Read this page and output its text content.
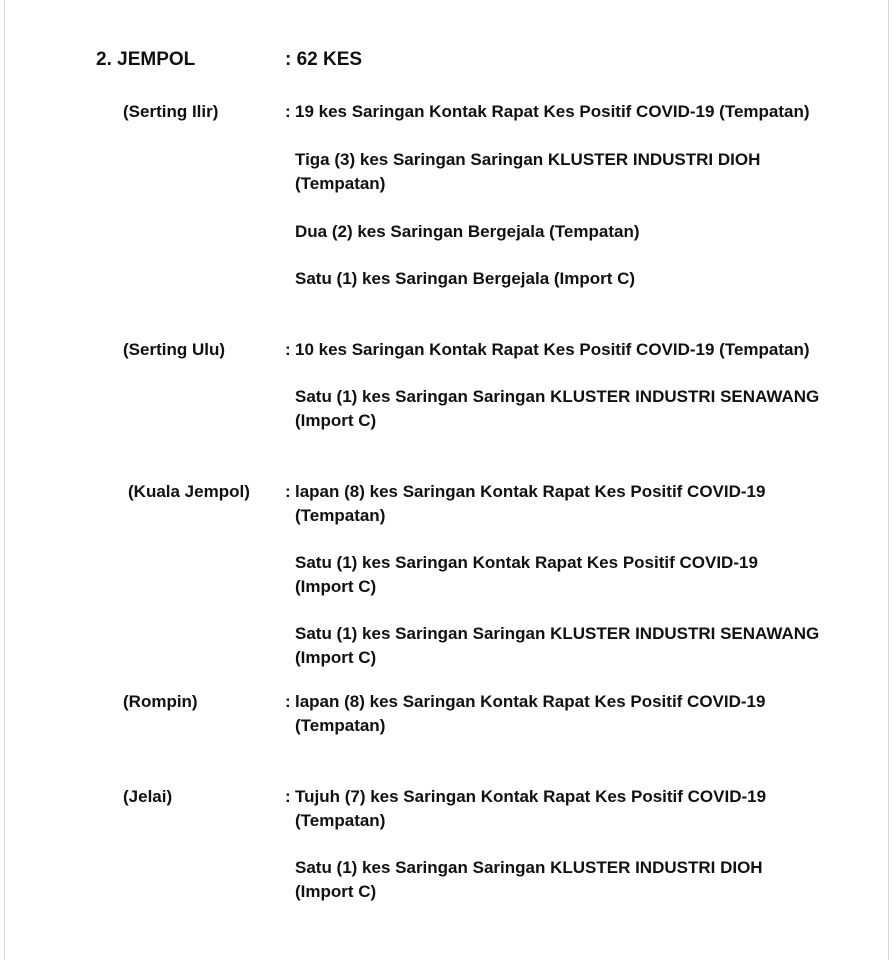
2. JEMPOL	: 62 KES
(Serting Ilir)	: 19 kes Saringan Kontak Rapat Kes Positif COVID-19 (Tempatan)
Tiga (3) kes Saringan Saringan KLUSTER INDUSTRI DIOH (Tempatan)
Dua (2) kes Saringan Bergejala (Tempatan)
Satu (1) kes Saringan Bergejala (Import C)
(Serting Ulu)	: 10 kes Saringan Kontak Rapat Kes Positif COVID-19 (Tempatan)
Satu (1) kes Saringan Saringan KLUSTER INDUSTRI SENAWANG (Import C)
(Kuala Jempol) : lapan (8) kes Saringan Kontak Rapat Kes Positif COVID-19 (Tempatan)
Satu (1) kes Saringan Kontak Rapat Kes Positif COVID-19 (Import C)
Satu (1) kes Saringan Saringan KLUSTER INDUSTRI SENAWANG (Import C)
(Rompin)	: lapan (8) kes Saringan Kontak Rapat Kes Positif COVID-19 (Tempatan)
(Jelai)	: Tujuh (7) kes Saringan Kontak Rapat Kes Positif COVID-19 (Tempatan)
Satu (1) kes Saringan Saringan KLUSTER INDUSTRI DIOH (Import C)
